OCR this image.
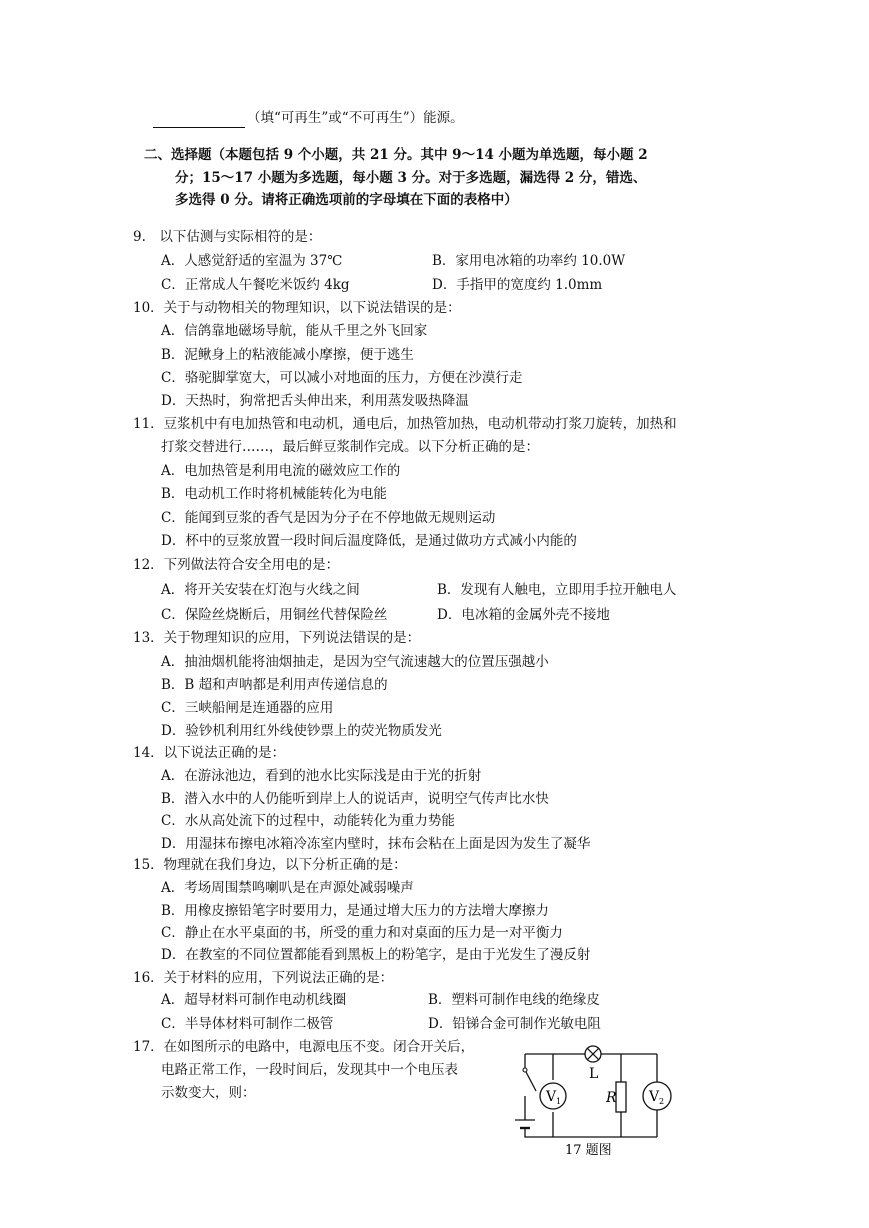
（填“可再生”或“不可再生”）能源。
二、选择题（本题包括 9 个小题，共 21 分。其中 9～14 小题为单选题，每小题 2
分；15～17 小题为多选题，每小题 3 分。对于多选题，漏选得 2 分，错选、
多选得 0 分。请将正确选项前的字母填在下面的表格中）
9.　以下估测与实际相符的是：
A．人感觉舒适的室温为 37℃	B．家用电冰箱的功率约 10.0W
C．正常成人午餐吃米饭约 4kg	D．手指甲的宽度约 1.0mm
10．关于与动物相关的物理知识，以下说法错误的是：
A．信鸽靠地磁场导航，能从千里之外飞回家
B．泥鳅身上的粘液能减小摩擦，便于逃生
C．骆驼脚掌宽大，可以减小对地面的压力，方便在沙漠行走
D．天热时，狗常把舌头伸出来，利用蒸发吸热降温
11．豆浆机中有电加热管和电动机，通电后，加热管加热，电动机带动打浆刀旋转，加热和
打浆交替进行……，最后鲜豆浆制作完成。以下分析正确的是：
A．电加热管是利用电流的磁效应工作的
B．电动机工作时将机械能转化为电能
C．能闻到豆浆的香气是因为分子在不停地做无规则运动
D．杯中的豆浆放置一段时间后温度降低，是通过做功方式减小内能的
12．下列做法符合安全用电的是：
A．将开关安装在灯泡与火线之间	B．发现有人触电，立即用手拉开触电人
C．保险丝烧断后，用铜丝代替保险丝	D．电冰箱的金属外壳不接地
13．关于物理知识的应用，下列说法错误的是：
A．抽油烟机能将油烟抽走，是因为空气流速越大的位置压强越小
B．B 超和声呐都是利用声传递信息的
C．三峡船闸是连通器的应用
D．验钞机利用红外线使钞票上的荧光物质发光
14．以下说法正确的是：
A．在游泳池边，看到的池水比实际浅是由于光的折射
B．潜入水中的人仍能听到岸上人的说话声，说明空气传声比水快
C．水从高处流下的过程中，动能转化为重力势能
D．用湿抹布擦电冰箱冷冻室内壁时，抹布会粘在上面是因为发生了凝华
15．物理就在我们身边，以下分析正确的是：
A．考场周围禁鸣喇叭是在声源处减弱噪声
B．用橡皮擦铅笔字时要用力，是通过增大压力的方法增大摩擦力
C．静止在水平桌面的书，所受的重力和对桌面的压力是一对平衡力
D．在教室的不同位置都能看到黑板上的粉笔字，是由于光发生了漫反射
16．关于材料的应用，下列说法正确的是：
A．超导材料可制作电动机线圈	B．塑料可制作电线的绝缘皮
C．半导体材料可制作二极管	D．铅锑合金可制作光敏电阻
17．在如图所示的电路中，电源电压不变。闭合开关后，
电路正常工作，一段时间后，发现其中一个电压表
示数变大，则：
L
V 1	R V 2
17 题图
